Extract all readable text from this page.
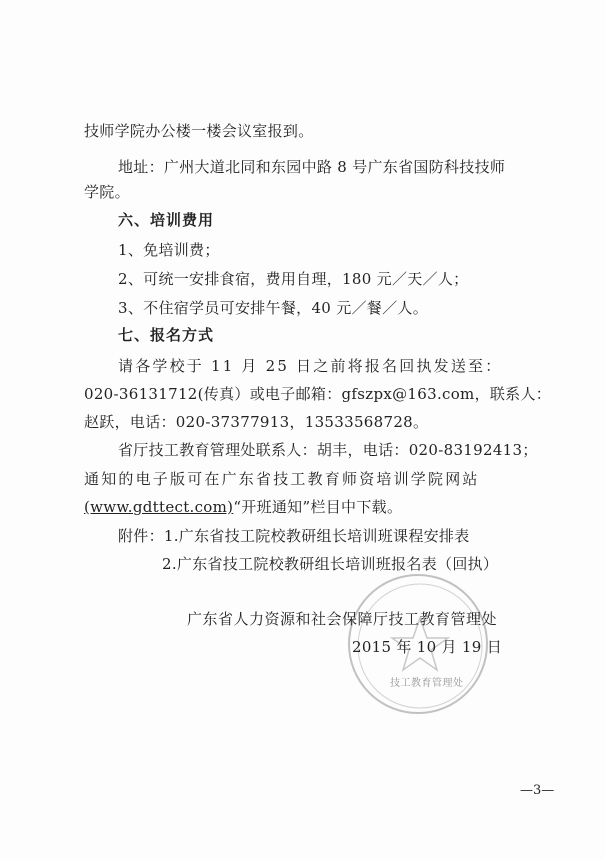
技师学院办公楼一楼会议室报到。
地址：广州大道北同和东园中路 8 号广东省国防科技技师
学院。
六、培训费用
1、免培训费；
2、可统一安排食宿，费用自理，180 元／天／人；
3、不住宿学员可安排午餐，40 元／餐／人。
七、报名方式
请各学校于 11 月 25 日之前将报名回执发送至：
020-36131712(传真）或电子邮箱：gfszpx@163.com，联系人：
赵跃，电话：020-37377913，13533568728。
省厅技工教育管理处联系人：胡丰，电话：020-83192413；
通知的电子版可在广东省技工教育师资培训学院网站
(www.gdttect.com)“开班通知”栏目中下载。
附件：1.广东省技工院校教研组长培训班课程安排表
2.广东省技工院校教研组长培训班报名表（回执）
技工教育管理处
广东省人力资源和社会保障厅技工教育管理处
2015 年 10 月 19 日
—3—
